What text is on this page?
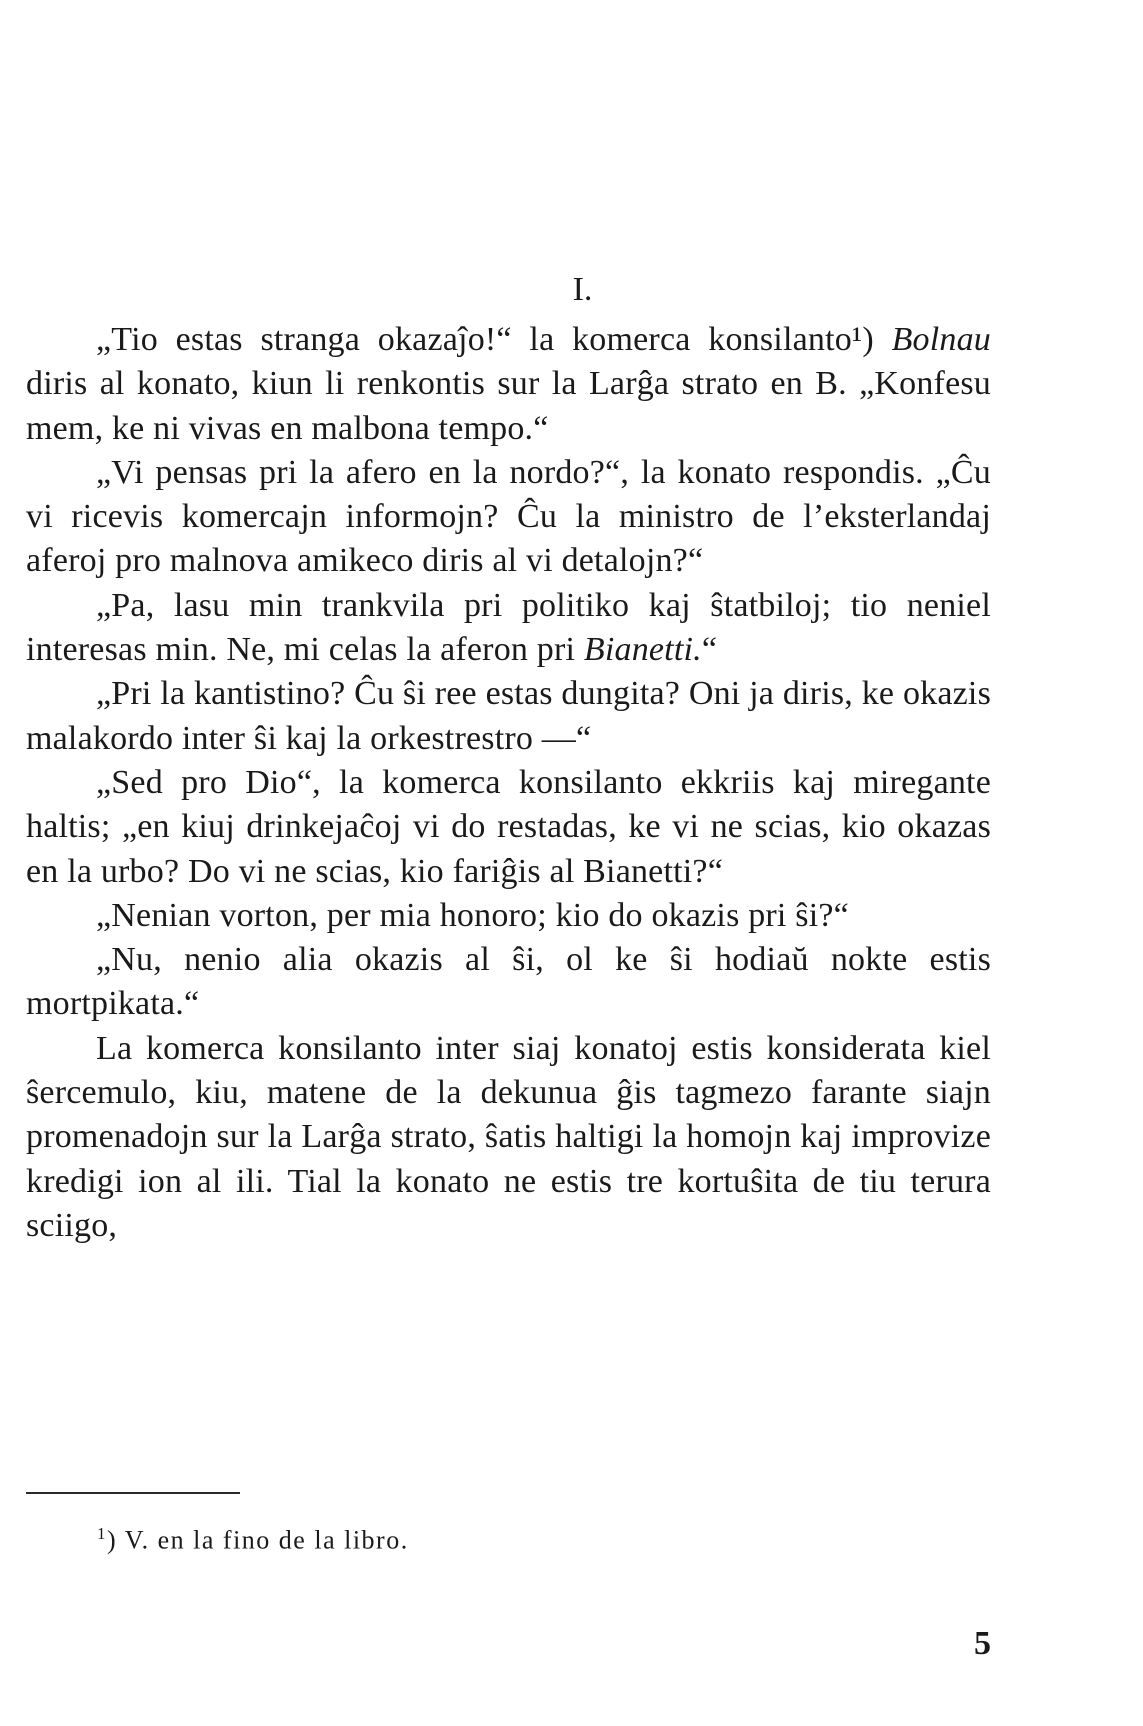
I.

„Tio estas stranga okazaĵo!“ la komerca konsilanto¹) Bolnau diris al konato, kiun li renkontis sur la Larĝa strato en B. „Konfesu mem, ke ni vivas en malbona tempo.“

„Vi pensas pri la afero en la nordo?“, la konato respondis. „Ĉu vi ricevis komercajn informojn? Ĉu la ministro de l’eksterlandaj aferoj pro malnova amikeco diris al vi detalojn?“

„Pa, lasu min trankvila pri politiko kaj ŝtatbiloj; tio neniel interesas min. Ne, mi celas la aferon pri Bianetti.“

„Pri la kantistino? Ĉu ŝi ree estas dungita? Oni ja diris, ke okazis malakordo inter ŝi kaj la orkestrestro —“

„Sed pro Dio“, la komerca konsilanto ekkriis kaj miregante haltis; „en kiuj drinkejaĉoj vi do restadas, ke vi ne scias, kio okazas en la urbo? Do vi ne scias, kio fariĝis al Bianetti?“

„Nenian vorton, per mia honoro; kio do okazis pri ŝi?“

„Nu, nenio alia okazis al ŝi, ol ke ŝi hodiaŭ nokte estis mortpikata.“

La komerca konsilanto inter siaj konatoj estis konsiderata kiel ŝercemulo, kiu, matene de la dekunua ĝis tagmezo farante siajn promenadojn sur la Larĝa strato, ŝatis haltigi la homojn kaj improvize kredigi ion al ili. Tial la konato ne estis tre kortuŝita de tiu terura sciigo,

$^1$) V. en la fino de la libro.
5
